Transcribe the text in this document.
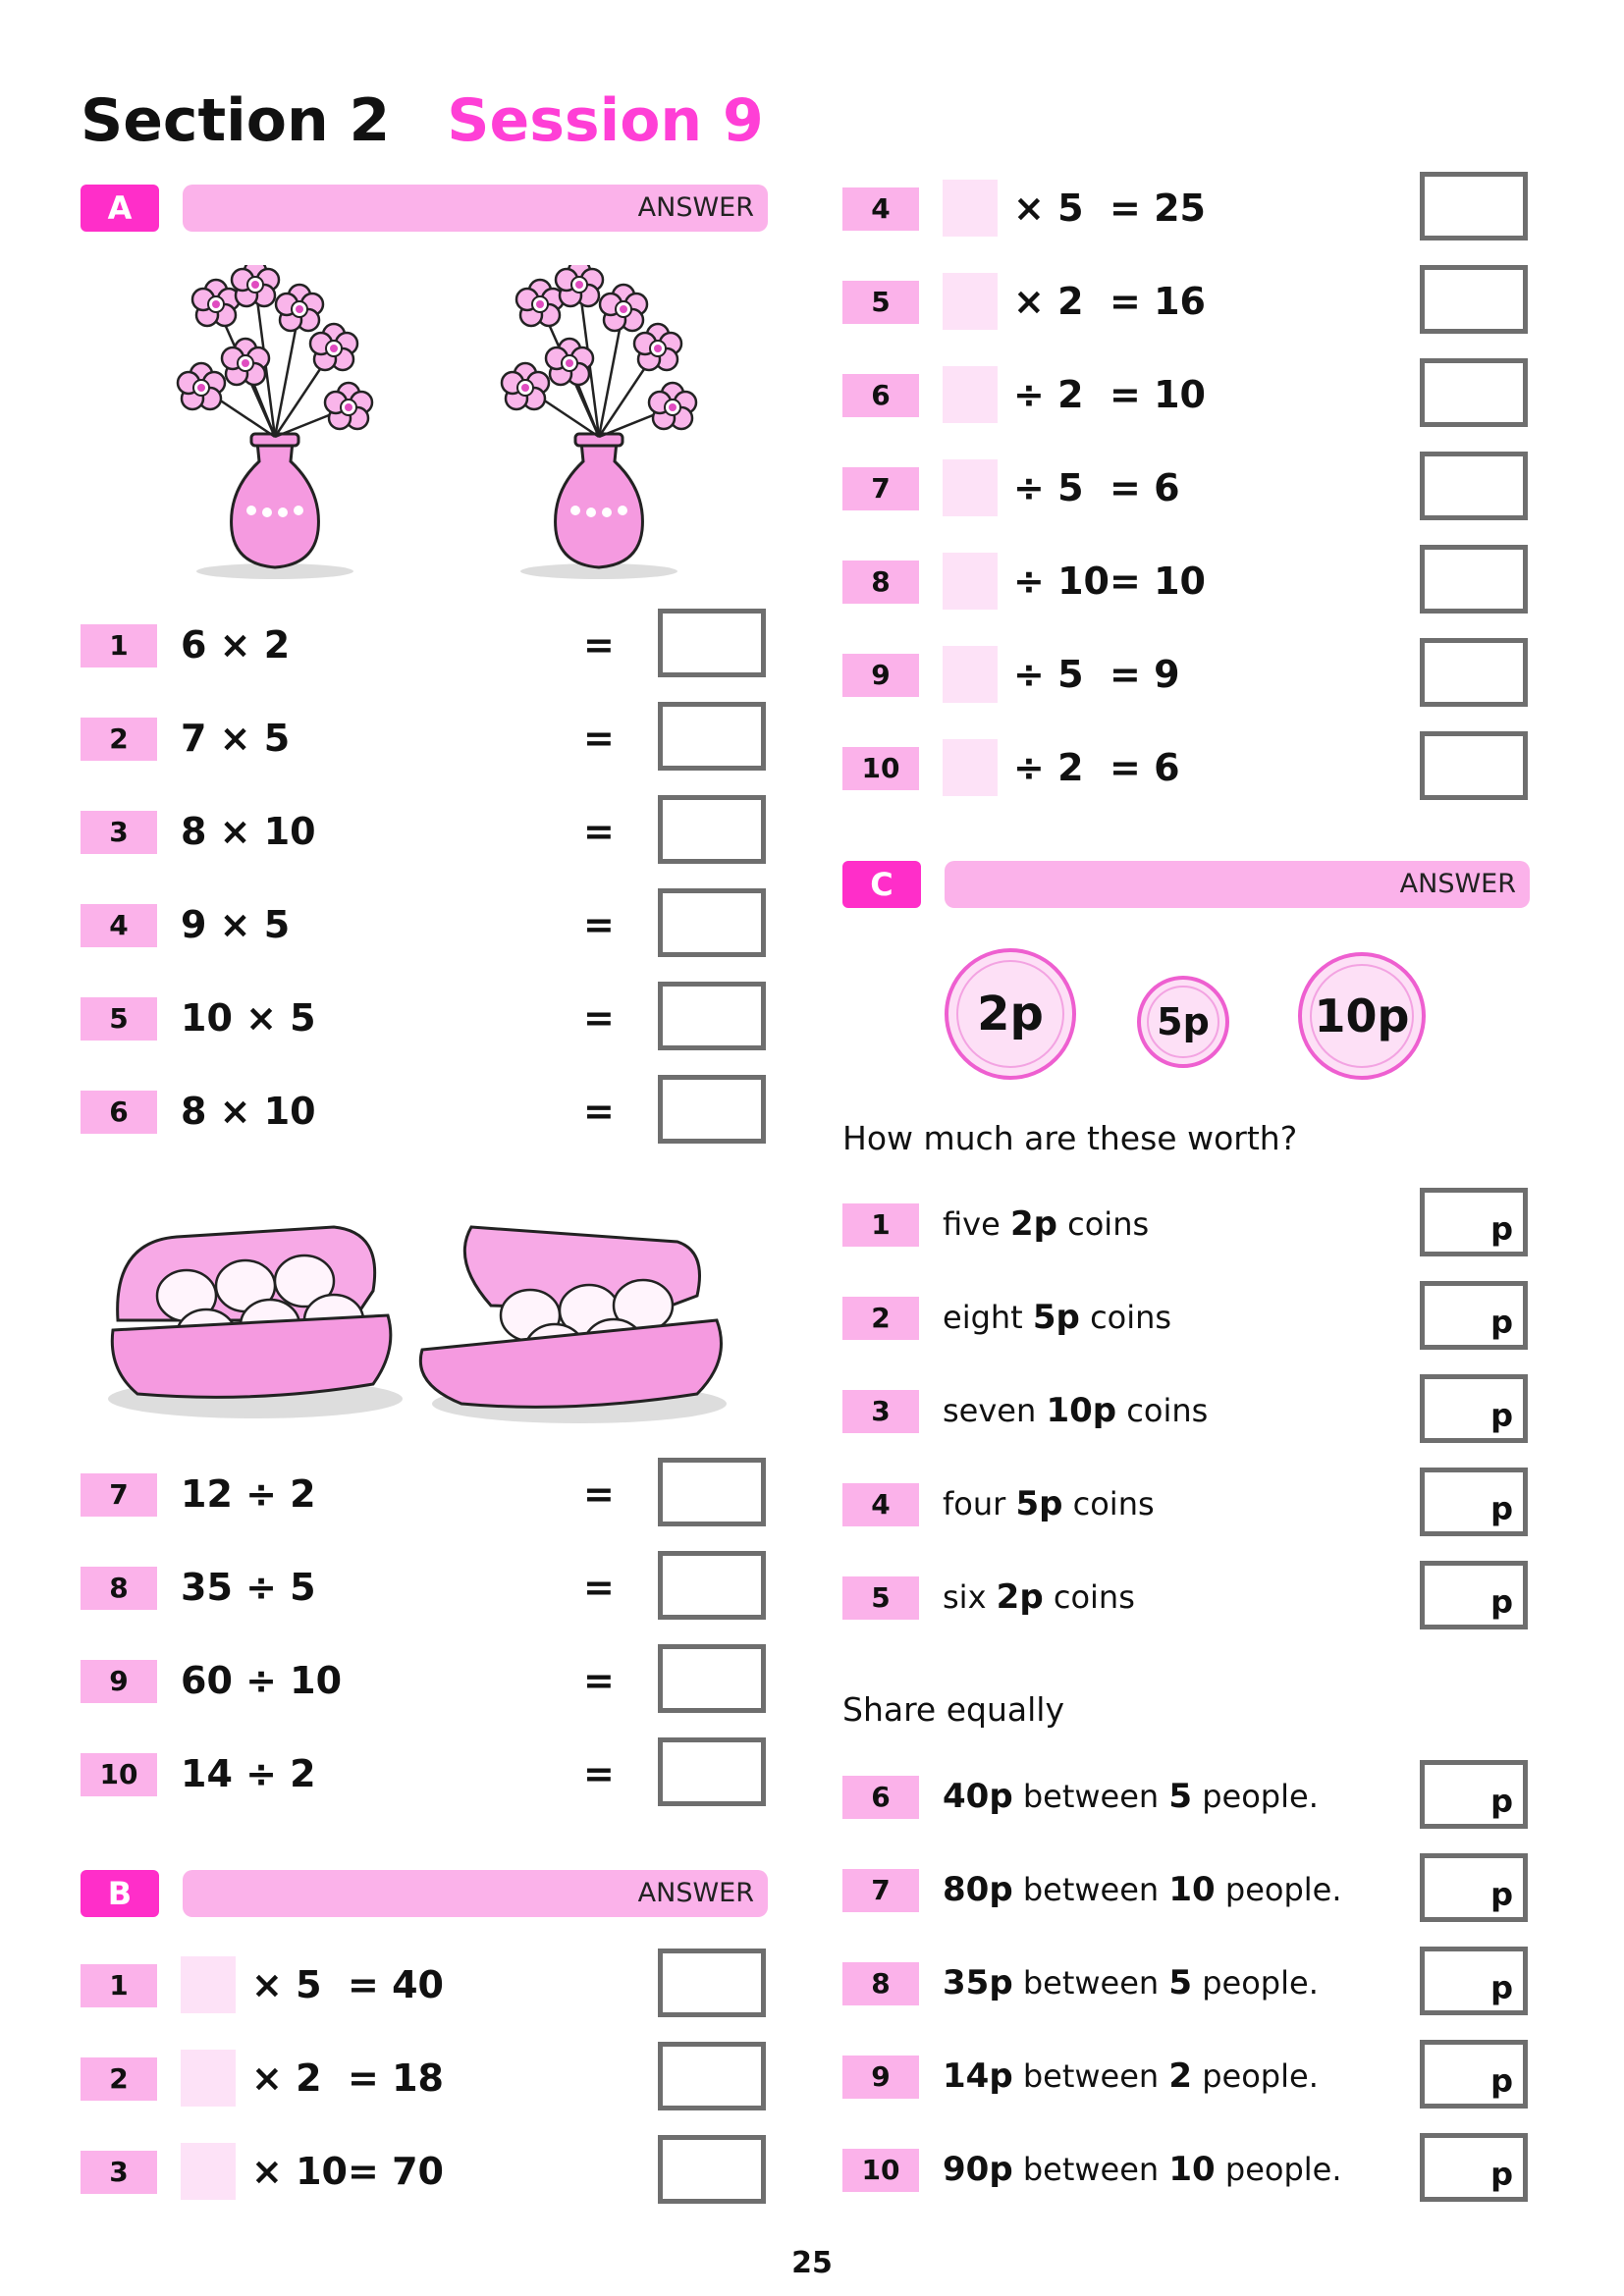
Section 2 Session 9
A	ANSWER
1	6 × 2	=
2	7 × 5	=
3	8 × 10	=
4	9 × 5	=
5	10 × 5	=
6	8 × 10	=
7	12 ÷ 2	=
8	35 ÷ 5	=
9	60 ÷ 10	=
10	14 ÷ 2	=
B	ANSWER
1	× 5 = 40
2	× 2 = 18
3	× 10 = 70
4	× 5 = 25
5	× 2 = 16
6	÷ 2 = 10
7	÷ 5 = 6
8	÷ 10 = 10
9	÷ 5 = 9
10	÷ 2 = 6
C	ANSWER
2p	5p	10p
How much are these worth?
1	five 2p coins	p
2	eight 5p coins	p
3	seven 10p coins	p
4	four 5p coins	p
5	six 2p coins	p
Share equally
6	40p between 5 people.	p
7	80p between 10 people.	p
8	35p between 5 people.	p
9	14p between 2 people.	p
10	90p between 10 people.	p
25
